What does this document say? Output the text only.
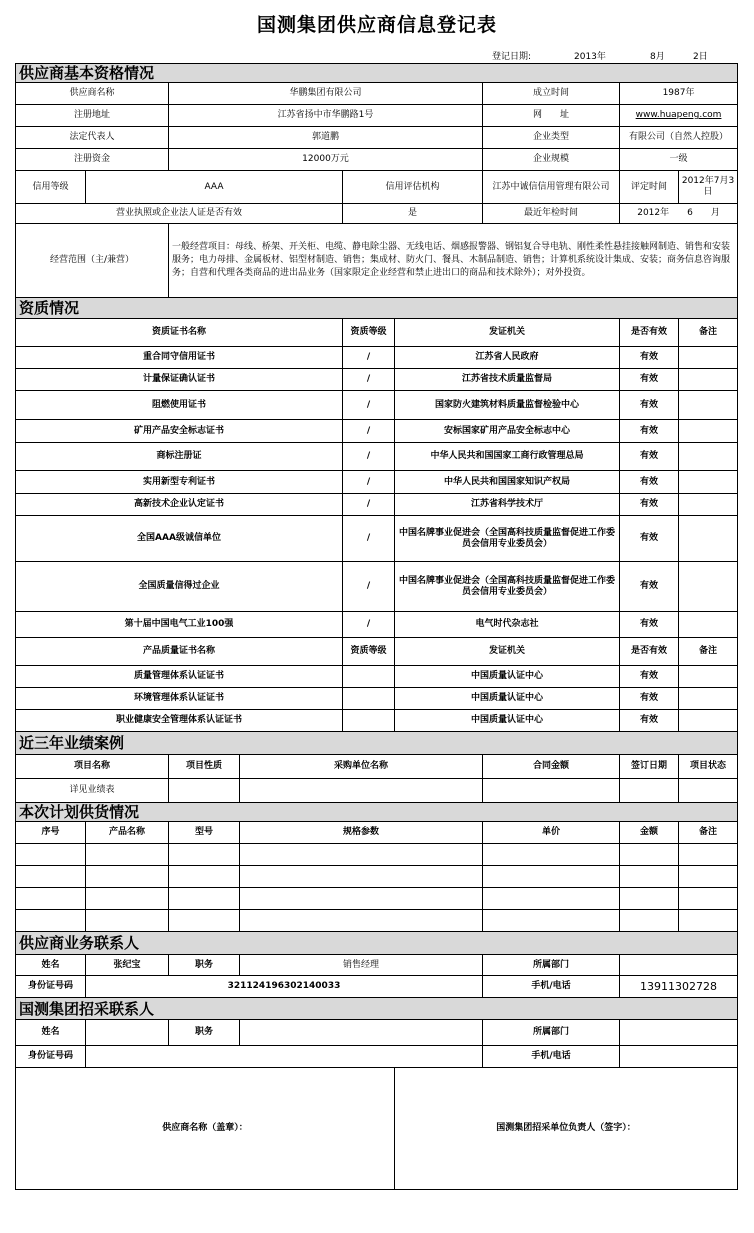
国测集团供应商信息登记表
登记日期:	2013年	8月	2日
供应商基本资格情况								
供应商名称		华鹏集团有限公司				成立时间	1987年	
注册地址		江苏省扬中市华鹏路1号				网　　址	www.huapeng.com	
法定代表人		郭道鹏				企业类型	有限公司（自然人控股）	
注册资金		12000万元				企业规模	一级	
信用等级	AAA			信用评估机构		江苏中诚信信用管理有限公司	评定时间	2012年7月3日
营业执照或企业法人证是否有效				是		最近年检时间	2012年　　6　　月	
经营范围（主/兼营）		一般经营项目：母线、桥架、开关柜、电缆、静电除尘器、无线电话、烟感报警器、钢铝复合导电轨、刚性柔性悬挂接触网制造、销售和安装服务；电力母排、金属板材、铝型材制造、销售；集成材、防火门、餐具、木制品制造、销售；计算机系统设计集成、安装；商务信息咨询服务；自营和代理各类商品的进出品业务（国家限定企业经营和禁止进出口的商品和技术除外）；对外投资。						
资质情况								
资质证书名称				资质等级	发证机关		是否有效	备注
重合同守信用证书				/	江苏省人民政府		有效	
计量保证确认证书				/	江苏省技术质量监督局		有效	
阻燃使用证书				/	国家防火建筑材料质量监督检验中心		有效	
矿用产品安全标志证书				/	安标国家矿用产品安全标志中心		有效	
商标注册证				/	中华人民共和国国家工商行政管理总局		有效	
实用新型专利证书				/	中华人民共和国国家知识产权局		有效	
高新技术企业认定证书				/	江苏省科学技术厅		有效	
全国AAA级诚信单位				/	中国名牌事业促进会（全国高科技质量监督促进工作委员会信用专业委员会）		有效	
全国质量信得过企业				/	中国名牌事业促进会（全国高科技质量监督促进工作委员会信用专业委员会）		有效	
第十届中国电气工业100强				/	电气时代杂志社		有效	
产品质量证书名称				资质等级	发证机关		是否有效	备注
质量管理体系认证证书					中国质量认证中心		有效	
环境管理体系认证证书					中国质量认证中心		有效	
职业健康安全管理体系认证证书					中国质量认证中心		有效	
近三年业绩案例								
项目名称		项目性质	采购单位名称			合同金额	签订日期	项目状态
详见业绩表								
本次计划供货情况								
序号	产品名称	型号	规格参数			单价	金额	备注

供应商业务联系人								
姓名	张纪宝	职务	销售经理			所属部门		
身份证号码	321124196302140033					手机/电话	13911302728	
国测集团招采联系人								
姓名		职务				所属部门		
身份证号码						手机/电话		
供应商名称（盖章）：					国测集团招采单位负责人（签字）：			
